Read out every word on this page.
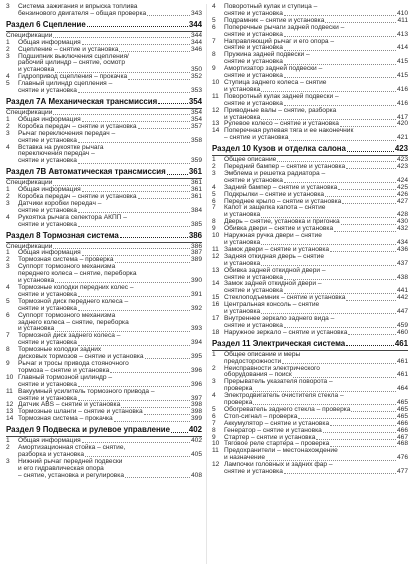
3	Система зажигания и впрыска топлива
бензинового двигателя – общая проверка	343
Раздел 6 Сцепление	344
Спецификации	344
1	Общая информация	344
2	Сцепление – снятие и установка	346
3	Подшипник выключения сцепления/
рабочий цилиндр – снятие, осмотр
и установка	350
4	Гидропривод сцепления – прокачка	352
5	Главный цилиндр сцепления –
снятие и установка	353
Раздел 7А Механическая трансмиссия	354
Спецификации	354
1	Общая информация	354
2	Коробка передач – снятие и установка	357
3	Рычаг переключения передач –
снятие и установка	358
4	Вставка на рукоятке рычага
переключения передач –
снятие и установка	359
Раздел 7В Автоматическая трансмиссия	361
Спецификации	361
1	Общая информация	361
2	Коробка передач – снятие и установка	361
3	Датчики коробки передач –
снятие и установка	384
4	Рукоятка рычага селектора АКПП –
снятие и установка	385
Раздел 8 Тормозная система	386
Спецификации	386
1	Общая информация	387
2	Тормозная система – проверка	389
3	Суппорт тормозного механизма
переднего колеса – снятие, переборка
и установка	390
4	Тормозные колодки передних колес –
снятие и установка	391
5	Тормозной диск переднего колеса –
снятие и установка	392
6	Суппорт тормозного механизма
заднего колеса – снятие, переборка
и установка	393
7	Тормозной диск заднего колеса –
снятие и установка	394
8	Тормозные колодки задних
дисковых тормозов – снятие и установка	395
9	Рычаг и тросы привода стояночного
тормоза – снятие и установка	396
10 Главный тормозной цилиндр –
снятие и установка	396
11 Вакуумный усилитель тормозного привода –
снятие и установка	397
12 Датчик ABS – снятие и установка	398
13 Тормозные шланги – снятие и установка	398
14 Тормозная система – прокачка	399
Раздел 9 Подвеска и рулевое управление 402
1	Общая информация	402
2	Амортизационная стойка – снятие,
разборка и установка	405
3	Нижний рычаг передней подвески
и его гидравлическая опора
– снятие, установка и регулировка	408
4	Поворотный кулак и ступица –
снятие и установка	410
5	Подрамник – снятие и установка	411
6	Поперечные рычаги задней подвески –
снятие и установка	413
7	Направляющий рычаг и его опора –
снятие и установка	414
8	Пружина задней подвески –
снятие и установка	415
9	Амортизатор задней подвески –
снятие и установка	415
10 Ступица заднего колеса – снятие
и установка	416
11 Поворотный кулак задней подвески –
снятие и установка	416
12 Приводные валы – снятие, разборка
и установка	417
13 Рулевое колесо – снятие и установка	420
14 Поперечная рулевая тяга и ее наконечник
– снятие и установка	421
Раздел 10 Кузов и отделка салона	423
1	Общее описание	423
2	Передний бампер – снятие и установка	423
3	Эмблема и решетка радиатора –
снятие и установка	424
4	Задний бампер – снятие и установка	425
5	Подкрылки – снятие и установка	426
6	Переднее крыло – снятие и установка	427
7	Капот и защелка капота – снятие
и установка	428
8	Дверь – снятие, установка и пригонка	430
9	Обивка двери – снятие и установка	432
10 Наружная ручка двери – снятие
и установка	434
11 Замок двери – снятие и установка	436
12 Задняя откидная дверь – снятие
и установка	437
13 Обивка задней откидной двери –
снятие и установка	438
14 Замок задней откидной двери –
снятие и установка	441
15 Стеклоподъемник – снятие и установка	442
16 Центральная консоль – снятие
и установка	447
17 Внутреннее зеркало заднего вида –
снятие и установка	459
18 Наружное зеркало – снятие и установка	460
Раздел 11 Электрическая система	461
1	Общее описание и меры
предосторожности	461
2	Неисправности электрического
оборудования – поиск	461
3	Прерыватель указателя поворота –
проверка	464
4	Электродвигатель очистителя стекла –
проверка	465
5	Обогреватель заднего стекла – проверка	465
6	Стоп-сигнал – проверка	465
7	Аккумулятор – снятие и установка	466
8	Генератор – снятие и установка	466
9	Стартер – снятие и установка	467
10 Тяговое реле стартера – проверка	468
11 Предохранители – местонахождение
и назначение	476
12 Лампочки головных и задних фар –
снятие и установка	477
